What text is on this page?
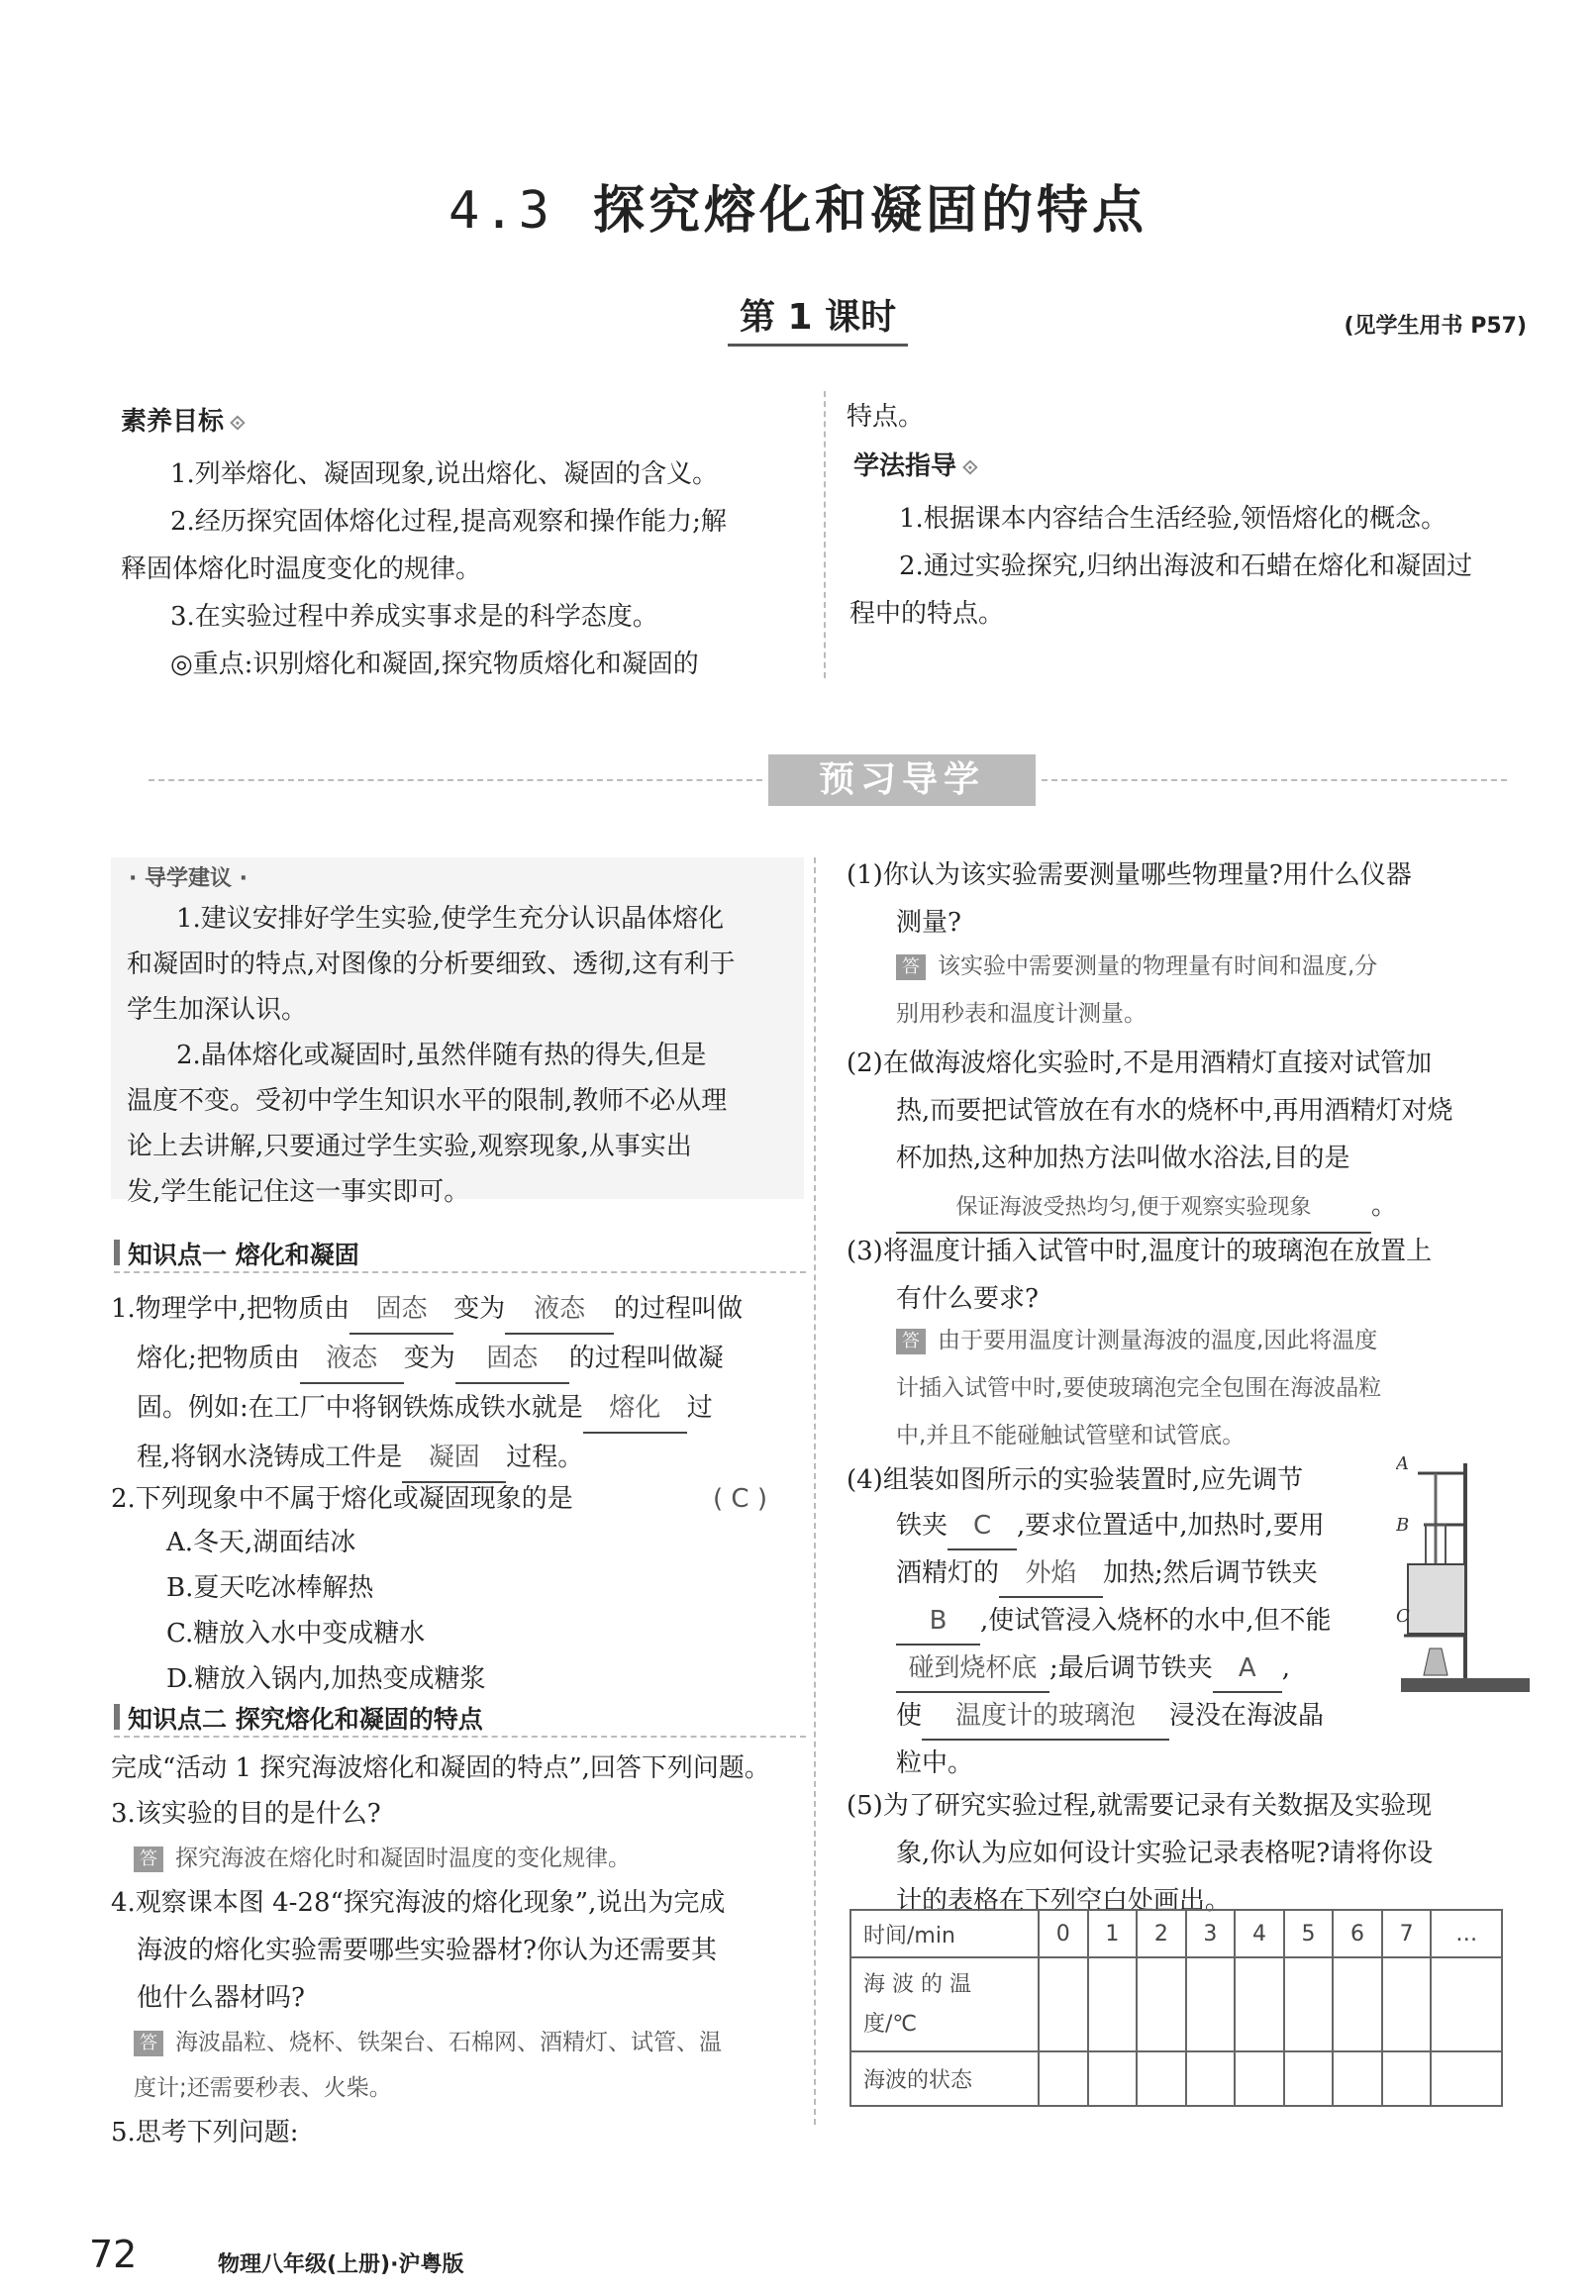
4.3 探究熔化和凝固的特点
第 1 课时	(见学生用书 P57)
素养目标 ⟐
1.列举熔化、凝固现象,说出熔化、凝固的含义。
2.经历探究固体熔化过程,提高观察和操作能力;解
释固体熔化时温度变化的规律。
3.在实验过程中养成实事求是的科学态度。
◎重点:识别熔化和凝固,探究物质熔化和凝固的
特点。
学法指导 ⟐
1.根据课本内容结合生活经验,领悟熔化的概念。
2.通过实验探究,归纳出海波和石蜡在熔化和凝固过
程中的特点。
预习导学
· 导学建议 ·
1.建议安排好学生实验,使学生充分认识晶体熔化
和凝固时的特点,对图像的分析要细致、透彻,这有利于
学生加深认识。
2.晶体熔化或凝固时,虽然伴随有热的得失,但是
温度不变。受初中学生知识水平的限制,教师不必从理
论上去讲解,只要通过学生实验,观察现象,从事实出
发,学生能记住这一事实即可。
知识点一 熔化和凝固
1.物理学中,把物质由 固态 变为 液态 的过程叫做
熔化;把物质由 液态 变为 固态 的过程叫做凝
固。例如:在工厂中将钢铁炼成铁水就是 熔化 过
程,将钢水浇铸成工件是 凝固 过程。
2.下列现象中不属于熔化或凝固现象的是	( C )
A.冬天,湖面结冰
B.夏天吃冰棒解热
C.糖放入水中变成糖水
D.糖放入锅内,加热变成糖浆
知识点二 探究熔化和凝固的特点
完成“活动 1 探究海波熔化和凝固的特点”,回答下列问题。
3.该实验的目的是什么?
答 探究海波在熔化时和凝固时温度的变化规律。
4.观察课本图 4-28“探究海波的熔化现象”,说出为完成
海波的熔化实验需要哪些实验器材?你认为还需要其
他什么器材吗?
答 海波晶粒、烧杯、铁架台、石棉网、酒精灯、试管、温
度计;还需要秒表、火柴。
5.思考下列问题:
(1)你认为该实验需要测量哪些物理量?用什么仪器
测量?
答 该实验中需要测量的物理量有时间和温度,分
别用秒表和温度计测量。
(2)在做海波熔化实验时,不是用酒精灯直接对试管加
热,而要把试管放在有水的烧杯中,再用酒精灯对烧
杯加热,这种加热方法叫做水浴法,目的是
保证海波受热均匀,便于观察实验现象 。
(3)将温度计插入试管中时,温度计的玻璃泡在放置上
有什么要求?
答 由于要用温度计测量海波的温度,因此将温度
计插入试管中时,要使玻璃泡完全包围在海波晶粒
中,并且不能碰触试管壁和试管底。
(4)组装如图所示的实验装置时,应先调节
铁夹 C ,要求位置适中,加热时,要用
酒精灯的 外焰 加热;然后调节铁夹
B ,使试管浸入烧杯的水中,但不能
碰到烧杯底 ;最后调节铁夹 A ,
使 温度计的玻璃泡 浸没在海波晶
粒中。
A
B
C
(5)为了研究实验过程,就需要记录有关数据及实验现
象,你认为应如何设计实验记录表格呢?请将你设
计的表格在下列空白处画出。
时间/min	0	1	2	3	4	5	6	7	…

海 波 的 温
度/℃									

海波的状态									
72	物理八年级(上册)·沪粤版
